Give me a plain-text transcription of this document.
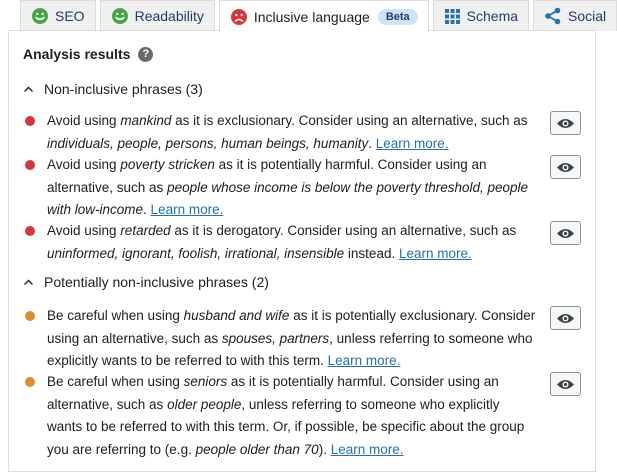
SEO	Readability	Inclusive language	Beta	Schema	Social
Analysis results	?
Non-inclusive phrases (3)
Avoid using mankind as it is exclusionary. Consider using an alternative, such as individuals, people, persons, human beings, humanity. Learn more.
Avoid using poverty stricken as it is potentially harmful. Consider using an alternative, such as people whose income is below the poverty threshold, people with low-income. Learn more.
Avoid using retarded as it is derogatory. Consider using an alternative, such as uninformed, ignorant, foolish, irrational, insensible instead. Learn more.
Potentially non-inclusive phrases (2)
Be careful when using husband and wife as it is potentially exclusionary. Consider using an alternative, such as spouses, partners, unless referring to someone who explicitly wants to be referred to with this term. Learn more.
Be careful when using seniors as it is potentially harmful. Consider using an alternative, such as older people, unless referring to someone who explicitly wants to be referred to with this term. Or, if possible, be specific about the group you are referring to (e.g. people older than 70). Learn more.
